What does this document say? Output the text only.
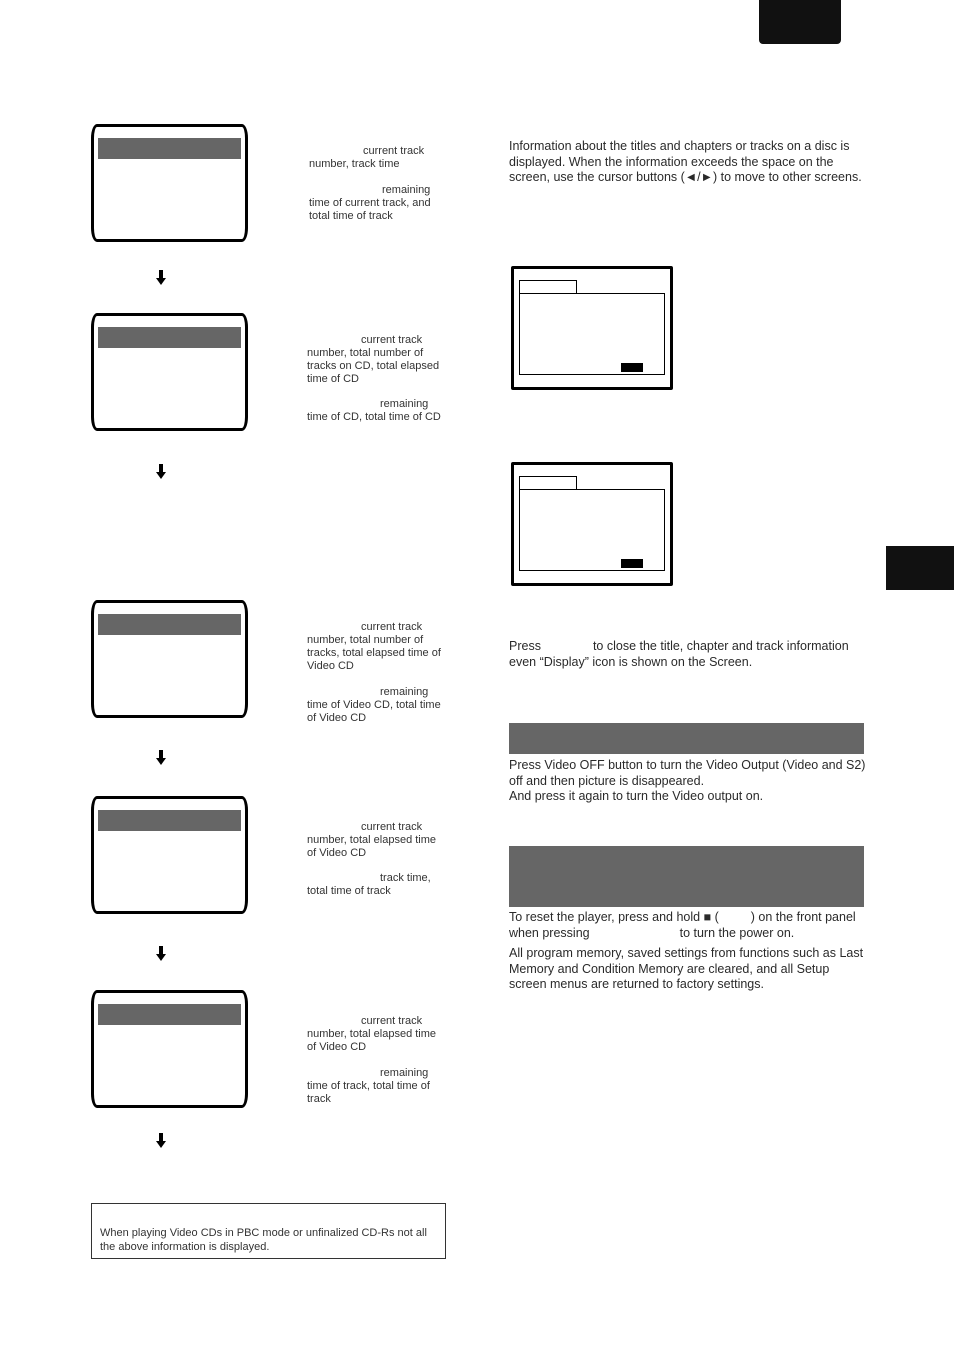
current track
number, track time
remaining
time of current track, and
total time of track
current track
number, total number of
tracks on CD, total elapsed
time of CD
remaining
time of CD, total time of CD
current track
number, total number of
tracks, total elapsed time of
Video CD
remaining
time of Video CD, total time
of Video CD
current track
number, total elapsed time
of Video CD
track time,
total time of track
current track
number, total elapsed time
of Video CD
remaining
time of track, total time of
track
When playing Video CDs in PBC mode or unfinalized CD-Rs not all the above information is displayed.

Information about the titles and chapters or tracks on a disc is displayed. When the information exceeds the space on the screen, use the cursor buttons (◄/►) to move to other screens.

Press	to close the title, chapter and track information even “Display” icon is shown on the Screen.

Press Video OFF button to turn the Video Output (Video and S2) off and then picture is disappeared.
And press it again to turn the Video output on.

To reset the player, press and hold ■ (	) on the front panel
when pressing	to turn the power on.

All program memory, saved settings from functions such as Last Memory and Condition Memory are cleared, and all Setup screen menus are returned to factory settings.
